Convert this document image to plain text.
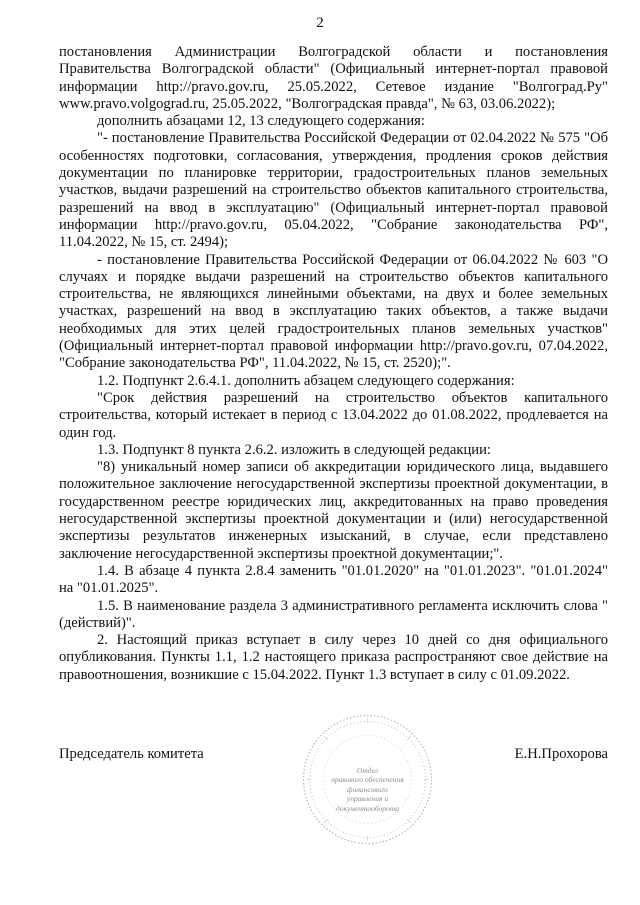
2

постановления Администрации Волгоградской области и постановления Правительства Волгоградской области" (Официальный интернет-портал правовой информации http://pravo.gov.ru, 25.05.2022, Сетевое издание "Волгоград.Ру" www.pravo.volgograd.ru, 25.05.2022, "Волгоградская правда", № 63, 03.06.2022);

дополнить абзацами 12, 13 следующего содержания:

"- постановление Правительства Российской Федерации от 02.04.2022 № 575 "Об особенностях подготовки, согласования, утверждения, продления сроков действия документации по планировке территории, градостроительных планов земельных участков, выдачи разрешений на строительство объектов капитального строительства, разрешений на ввод в эксплуатацию" (Официальный интернет-портал правовой информации http://pravo.gov.ru, 05.04.2022, "Собрание законодательства РФ", 11.04.2022, № 15, ст. 2494);

- постановление Правительства Российской Федерации от 06.04.2022 № 603 "О случаях и порядке выдачи разрешений на строительство объектов капитального строительства, не являющихся линейными объектами, на двух и более земельных участках, разрешений на ввод в эксплуатацию таких объектов, а также выдачи необходимых для этих целей градостроительных планов земельных участков" (Официальный интернет-портал правовой информации http://pravo.gov.ru, 07.04.2022, "Собрание законодательства РФ", 11.04.2022, № 15, ст. 2520);".

1.2. Подпункт 2.6.4.1. дополнить абзацем следующего содержания:

"Срок действия разрешений на строительство объектов капитального строительства, который истекает в период с 13.04.2022 до 01.08.2022, продлевается на один год.

1.3. Подпункт 8 пункта 2.6.2. изложить в следующей редакции:

"8) уникальный номер записи об аккредитации юридического лица, выдавшего положительное заключение негосударственной экспертизы проектной документации, в государственном реестре юридических лиц, аккредитованных на право проведения негосударственной экспертизы проектной документации и (или) негосударственной экспертизы результатов инженерных изысканий, в случае, если представлено заключение негосударственной экспертизы проектной документации;".

1.4. В абзаце 4 пункта 2.8.4 заменить "01.01.2020" на "01.01.2023". "01.01.2024" на "01.01.2025".

1.5. В наименование раздела 3 административного регламента исключить слова "(действий)".

2. Настоящий приказ вступает в силу через 10 дней со дня официального опубликования. Пункты 1.1, 1.2 настоящего приказа распространяют свое действие на правоотношения, возникшие с 15.04.2022. Пункт 1.3 вступает в силу с 01.09.2022.

Отдел
правового обеспечения
финансового
управления и
документооборота
Председатель комитета	Е.Н.Прохорова
